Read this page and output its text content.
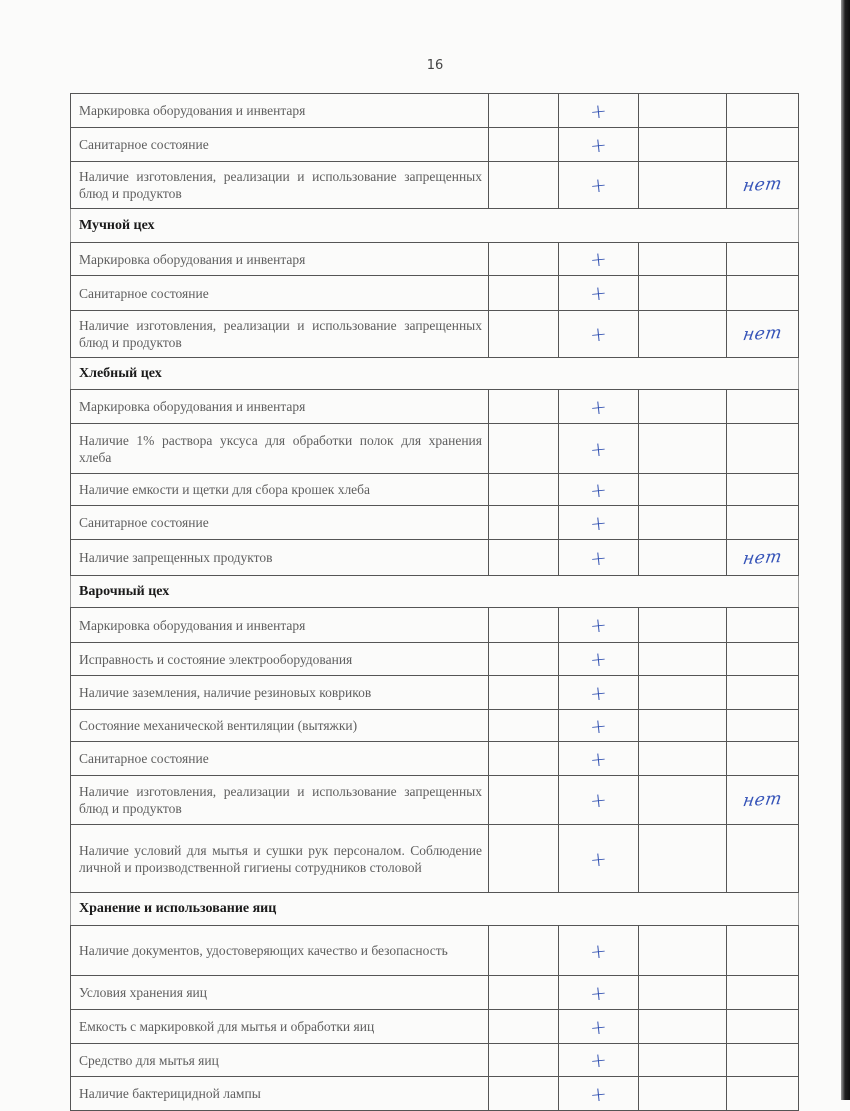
16
Маркировка оборудования и инвентаря		+		
Санитарное состояние		+		
Наличие изготовления, реализации и использование запрещенных блюд и продуктов		+		нет
Мучной цех				
Маркировка оборудования и инвентаря		+		
Санитарное состояние		+		
Наличие изготовления, реализации и использование запрещенных блюд и продуктов		+		нет
Хлебный цех				
Маркировка оборудования и инвентаря		+		
Наличие 1% раствора уксуса для обработки полок для хранения хлеба		+		
Наличие емкости и щетки для сбора крошек хлеба		+		
Санитарное состояние		+		
Наличие запрещенных продуктов		+		нет
Варочный цех				
Маркировка оборудования и инвентаря		+		
Исправность и состояние электрооборудования		+		
Наличие заземления, наличие резиновых ковриков		+		
Состояние механической вентиляции (вытяжки)		+		
Санитарное состояние		+		
Наличие изготовления, реализации и использование запрещенных блюд и продуктов		+		нет
Наличие условий для мытья и сушки рук персоналом. Соблюдение личной и производственной гигиены сотрудников столовой		+		
Хранение и использование яиц				
Наличие документов, удостоверяющих качество и безопасность		+		
Условия хранения яиц		+		
Емкость с маркировкой для мытья и обработки яиц		+		
Средство для мытья яиц		+		
Наличие бактерицидной лампы		+		
